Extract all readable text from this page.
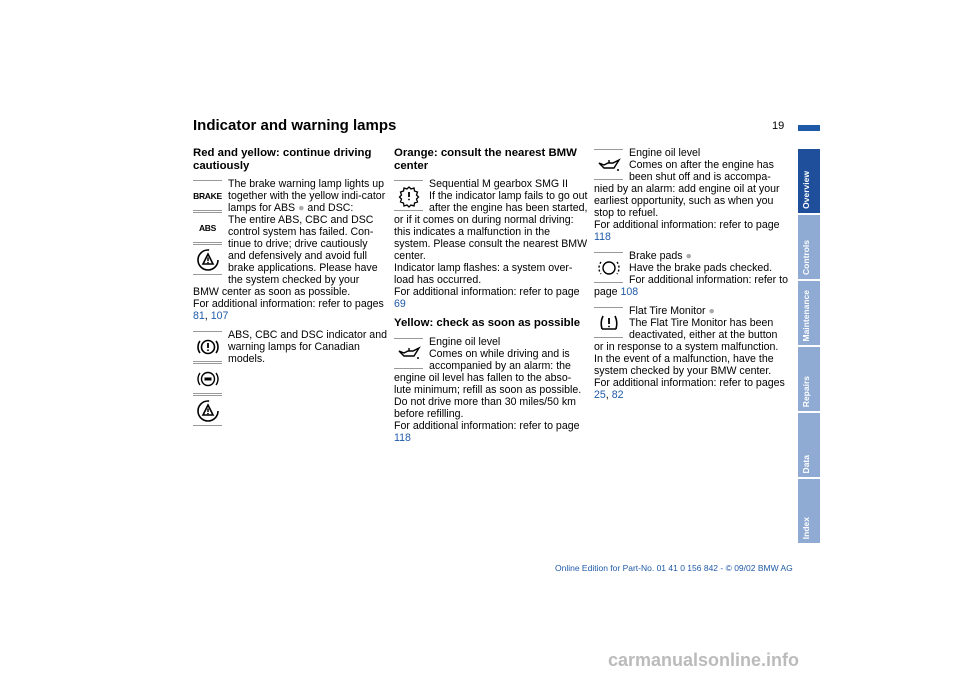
Indicator and warning lamps	19
Red and yellow: continue driving cautiously
BRAKE
ABS

The brake warning lamp lights up together with the yellow indi-cator lamps for ABS ● and DSC:

The entire ABS, CBC and DSC control system has failed. Con-tinue to drive; drive cautiously and defensively and avoid full brake applications. Please have the system checked by your BMW center as soon as possible.

For additional information: refer to pages 81, 107

ABS, CBC and DSC indicator and warning lamps for Canadian models.

Orange: consult the nearest BMW center

Sequential M gearbox SMG II

If the indicator lamp fails to go out after the engine has been started, or if it comes on during normal driving: this indicates a malfunction in the system. Please consult the nearest BMW center.

Indicator lamp flashes: a system over-load has occurred.

For additional information: refer to page 69

Yellow: check as soon as possible

Engine oil level

Comes on while driving and is accompanied by an alarm: the engine oil level has fallen to the abso-lute minimum; refill as soon as possible. Do not drive more than 30 miles/50 km before refilling.

For additional information: refer to page 118

Engine oil level

Comes on after the engine has been shut off and is accompa-nied by an alarm: add engine oil at your earliest opportunity, such as when you stop to refuel.

For additional information: refer to page 118

Brake pads ●

Have the brake pads checked.

For additional information: refer to page 108

Flat Tire Monitor ●

The Flat Tire Monitor has been deactivated, either at the button or in response to a system malfunction. In the event of a malfunction, have the system checked by your BMW center.

For additional information: refer to pages 25, 82

Overview
Controls
Maintenance
Repairs
Data
Index
Online Edition for Part-No. 01 41 0 156 842 - © 09/02 BMW AG
carmanualsonline.info
